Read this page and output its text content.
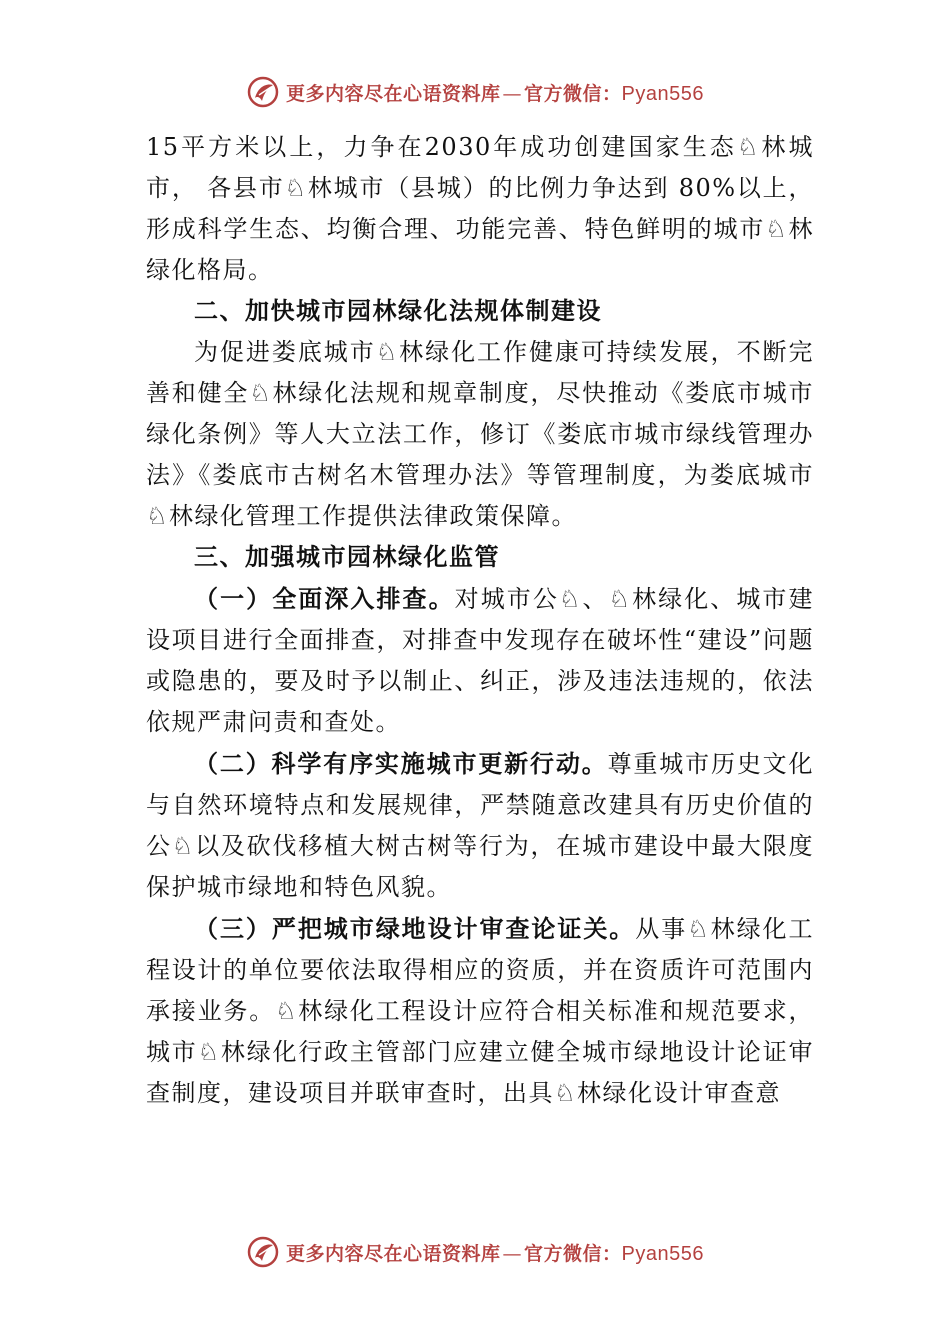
更多内容尽在心语资料库 — 官方微信：Pyan556

15平方米以上，力争在2030年成功创建国家生态♘林城市， 各县市♘林城市（县城）的比例力争达到 80%以上，形成科学生态、均衡合理、功能完善、特色鲜明的城市♘林绿化格局。

二、加快城市园林绿化法规体制建设

为促进娄底城市♘林绿化工作健康可持续发展，不断完善和健全♘林绿化法规和规章制度，尽快推动《娄底市城市绿化条例》等人大立法工作，修订《娄底市城市绿线管理办法》《娄底市古树名木管理办法》等管理制度，为娄底城市♘林绿化管理工作提供法律政策保障。

三、加强城市园林绿化监管

（一）全面深入排查。对城市公♘、♘林绿化、城市建设项目进行全面排查，对排查中发现存在破坏性“建设”问题或隐患的，要及时予以制止、纠正，涉及违法违规的，依法依规严肃问责和查处。

（二）科学有序实施城市更新行动。尊重城市历史文化与自然环境特点和发展规律，严禁随意改建具有历史价值的公♘以及砍伐移植大树古树等行为，在城市建设中最大限度保护城市绿地和特色风貌。

（三）严把城市绿地设计审查论证关。从事♘林绿化工程设计的单位要依法取得相应的资质，并在资质许可范围内承接业务。♘林绿化工程设计应符合相关标准和规范要求， 城市♘林绿化行政主管部门应建立健全城市绿地设计论证审查制度，建设项目并联审查时，出具♘林绿化设计审查意

更多内容尽在心语资料库 — 官方微信：Pyan556
